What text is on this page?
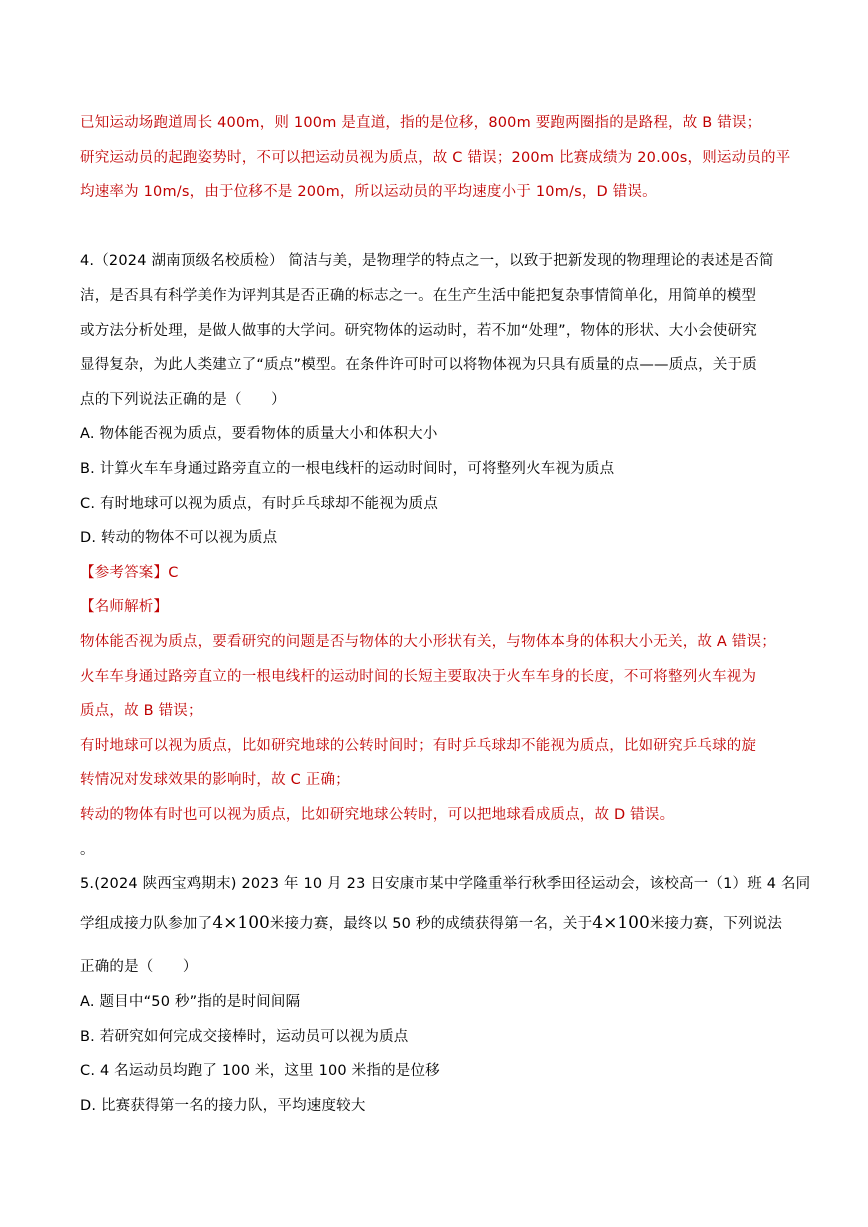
已知运动场跑道周长 400m，则 100m 是直道，指的是位移，800m 要跑两圈指的是路程，故 B 错误；
研究运动员的起跑姿势时，不可以把运动员视为质点，故 C 错误；200m 比赛成绩为 20.00s，则运动员的平
均速率为 10m/s，由于位移不是 200m，所以运动员的平均速度小于 10m/s，D 错误。
4.（2024 湖南顶级名校质检） 简洁与美，是物理学的特点之一，以致于把新发现的物理理论的表述是否简
洁，是否具有科学美作为评判其是否正确的标志之一。在生产生活中能把复杂事情简单化，用简单的模型
或方法分析处理，是做人做事的大学问。研究物体的运动时，若不加“处理”，物体的形状、大小会使研究
显得复杂，为此人类建立了“质点”模型。在条件许可时可以将物体视为只具有质量的点——质点，关于质
点的下列说法正确的是（　　）
A. 物体能否视为质点，要看物体的质量大小和体积大小
B. 计算火车车身通过路旁直立的一根电线杆的运动时间时，可将整列火车视为质点
C. 有时地球可以视为质点，有时乒乓球却不能视为质点
D. 转动的物体不可以视为质点
【参考答案】C
【名师解析】
物体能否视为质点，要看研究的问题是否与物体的大小形状有关，与物体本身的体积大小无关，故 A 错误；
火车车身通过路旁直立的一根电线杆的运动时间的长短主要取决于火车车身的长度，不可将整列火车视为
质点，故 B 错误；
有时地球可以视为质点，比如研究地球的公转时间时；有时乒乓球却不能视为质点，比如研究乒乓球的旋
转情况对发球效果的影响时，故 C 正确；
转动的物体有时也可以视为质点，比如研究地球公转时，可以把地球看成质点，故 D 错误。
。
5.(2024 陕西宝鸡期末) 2023 年 10 月 23 日安康市某中学隆重举行秋季田径运动会，该校高一（1）班 4 名同
学组成接力队参加了4×100米接力赛，最终以 50 秒的成绩获得第一名，关于4×100米接力赛，下列说法
正确的是（　　）
A. 题目中“50 秒”指的是时间间隔
B. 若研究如何完成交接棒时，运动员可以视为质点
C. 4 名运动员均跑了 100 米，这里 100 米指的是位移
D. 比赛获得第一名的接力队，平均速度较大
